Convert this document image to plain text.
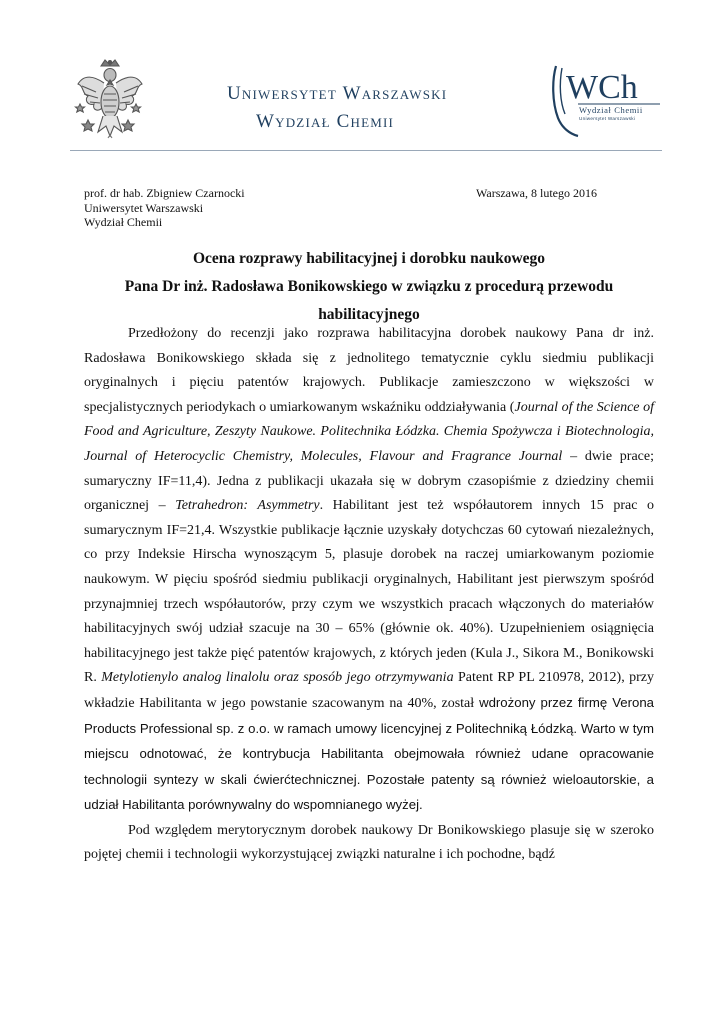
Uniwersytet Warszawski
Wydział Chemii
WCh
Wydział Chemii
Uniwersytet Warszawski
prof. dr hab. Zbigniew Czarnocki
Uniwersytet Warszawski
Wydział Chemii
Warszawa, 8 lutego 2016
Ocena rozprawy habilitacyjnej i dorobku naukowego
Pana Dr inż. Radosława Bonikowskiego w związku z procedurą przewodu habilitacyjnego

Przedłożony do recenzji jako rozprawa habilitacyjna dorobek naukowy Pana dr inż. Radosława Bonikowskiego składa się z jednolitego tematycznie cyklu siedmiu publikacji oryginalnych i pięciu patentów krajowych. Publikacje zamieszczono w większości w specjalistycznych periodykach o umiarkowanym wskaźniku oddziaływania (Journal of the Science of Food and Agriculture, Zeszyty Naukowe. Politechnika Łódzka. Chemia Spożywcza i Biotechnologia, Journal of Heterocyclic Chemistry, Molecules, Flavour and Fragrance Journal – dwie prace; sumaryczny IF=11,4). Jedna z publikacji ukazała się w dobrym czasopiśmie z dziedziny chemii organicznej – Tetrahedron: Asymmetry. Habilitant jest też współautorem innych 15 prac o sumarycznym IF=21,4. Wszystkie publikacje łącznie uzyskały dotychczas 60 cytowań niezależnych, co przy Indeksie Hirscha wynoszącym 5, plasuje dorobek na raczej umiarkowanym poziomie naukowym. W pięciu spośród siedmiu publikacji oryginalnych, Habilitant jest pierwszym spośród przynajmniej trzech współautorów, przy czym we wszystkich pracach włączonych do materiałów habilitacyjnych swój udział szacuje na 30 – 65% (głównie ok. 40%). Uzupełnieniem osiągnięcia habilitacyjnego jest także pięć patentów krajowych, z których jeden (Kula J., Sikora M., Bonikowski R. Metylotienylo analog linalolu oraz sposób jego otrzymywania Patent RP PL 210978, 2012), przy wkładzie Habilitanta w jego powstanie szacowanym na 40%, został wdrożony przez firmę Verona Products Professional sp. z o.o. w ramach umowy licencyjnej z Politechniką Łódzką. Warto w tym miejscu odnotować, że kontrybucja Habilitanta obejmowała również udane opracowanie technologii syntezy w skali ćwierćtechnicznej. Pozostałe patenty są również wieloautorskie, a udział Habilitanta porównywalny do wspomnianego wyżej.

Pod względem merytorycznym dorobek naukowy Dr Bonikowskiego plasuje się w szeroko pojętej chemii i technologii wykorzystującej związki naturalne i ich pochodne, bądź
